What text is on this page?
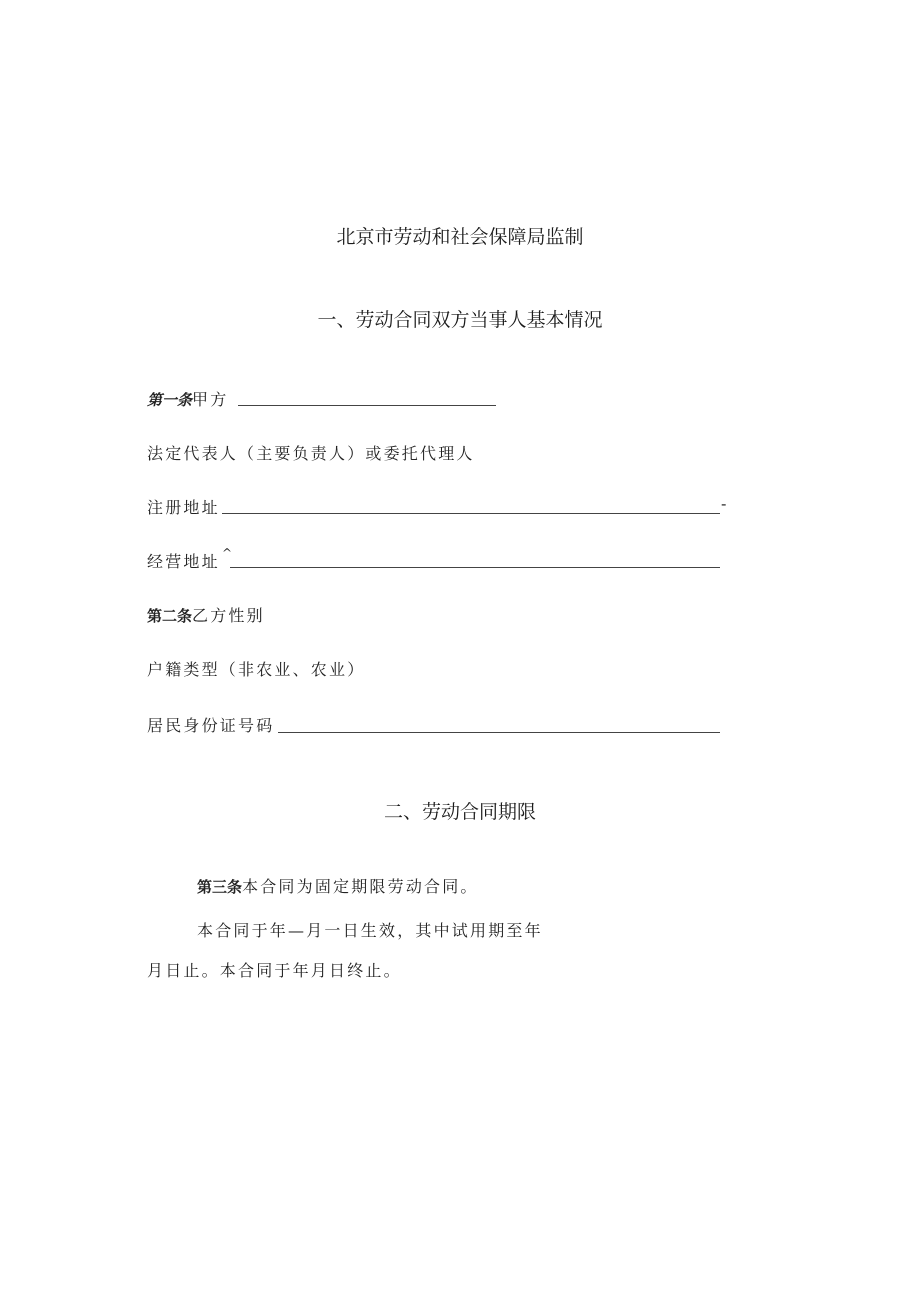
北京市劳动和社会保障局监制
一、劳动合同双方当事人基本情况
第一条甲方
法定代表人（主要负责人）或委托代理人
注册地址	-
经营地址 ^
第二条乙方性别
户籍类型（非农业、农业）
居民身份证号码
二、劳动合同期限
第三条本合同为固定期限劳动合同。
本合同于年—月一日生效，其中试用期至年
月日止。本合同于年月日终止。
